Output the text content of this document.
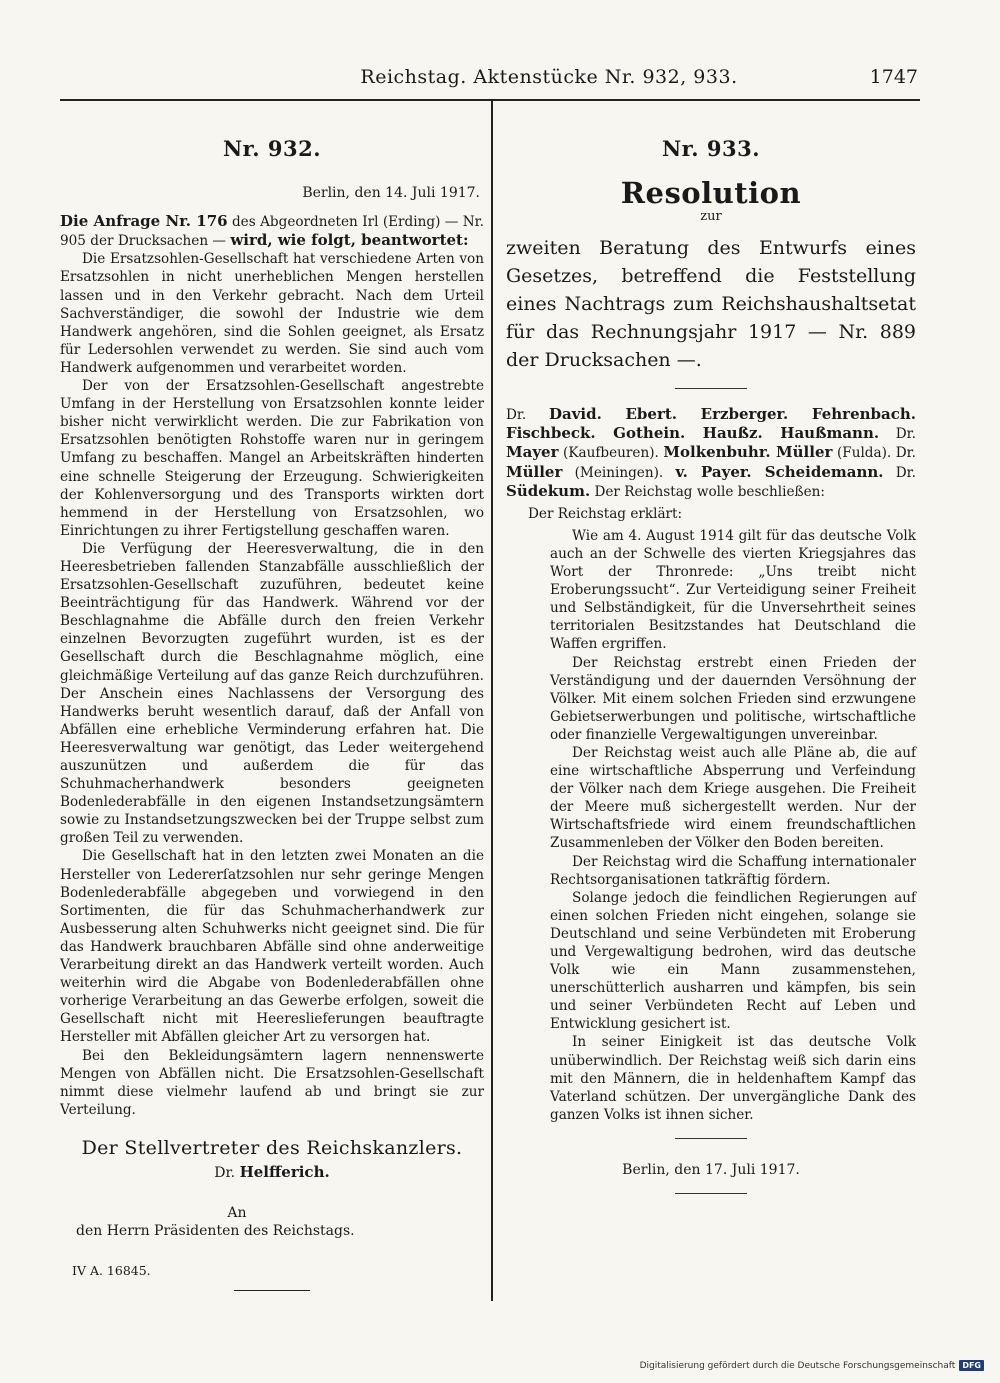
Reichstag. Aktenstücke Nr. 932, 933.	1747
Nr. 932.
Berlin, den 14. Juli 1917.

Die Anfrage Nr. 176 des Abgeordneten Irl (Erding) — Nr. 905 der Drucksachen — wird, wie folgt, beantwortet:

Die Ersatzsohlen-Gesellschaft hat verschiedene Arten von Ersatzsohlen in nicht unerheblichen Mengen herstellen lassen und in den Verkehr gebracht. Nach dem Urteil Sachverständiger, die sowohl der Industrie wie dem Handwerk angehören, sind die Sohlen geeignet, als Ersatz für Ledersohlen verwendet zu werden. Sie sind auch vom Handwerk aufgenommen und verarbeitet worden.

Der von der Ersatzsohlen-Gesellschaft angestrebte Umfang in der Herstellung von Ersatzsohlen konnte leider bisher nicht verwirklicht werden. Die zur Fabrikation von Ersatzsohlen benötigten Rohstoffe waren nur in geringem Umfang zu beschaffen. Mangel an Arbeitskräften hinderten eine schnelle Steigerung der Erzeugung. Schwierigkeiten der Kohlenversorgung und des Transports wirkten dort hemmend in der Herstellung von Ersatzsohlen, wo Einrichtungen zu ihrer Fertigstellung geschaffen waren.

Die Verfügung der Heeresverwaltung, die in den Heeresbetrieben fallenden Stanzabfälle ausschließlich der Ersatzsohlen-Gesellschaft zuzuführen, bedeutet keine Beeinträchtigung für das Handwerk. Während vor der Beschlagnahme die Abfälle durch den freien Verkehr einzelnen Bevorzugten zugeführt wurden, ist es der Gesellschaft durch die Beschlagnahme möglich, eine gleichmäßige Verteilung auf das ganze Reich durchzuführen. Der Anschein eines Nachlassens der Versorgung des Handwerks beruht wesentlich darauf, daß der Anfall von Abfällen eine erhebliche Verminderung erfahren hat. Die Heeresverwaltung war genötigt, das Leder weitergehend auszunützen und außerdem die für das Schuhmacherhandwerk besonders geeigneten Bodenlederabfälle in den eigenen Instandsetzungsämtern sowie zu Instandsetzungszwecken bei der Truppe selbst zum großen Teil zu verwenden.

Die Gesellschaft hat in den letzten zwei Monaten an die Hersteller von Ledererſatzsohlen nur sehr geringe Mengen Bodenlederabfälle abgegeben und vorwiegend in den Sortimenten, die für das Schuhmacherhandwerk zur Ausbesserung alten Schuhwerks nicht geeignet sind. Die für das Handwerk brauchbaren Abfälle sind ohne anderweitige Verarbeitung direkt an das Handwerk verteilt worden. Auch weiterhin wird die Abgabe von Bodenlederabfällen ohne vorherige Verarbeitung an das Gewerbe erfolgen, soweit die Gesellschaft nicht mit Heereslieferungen beauftragte Hersteller mit Abfällen gleicher Art zu versorgen hat.

Bei den Bekleidungsämtern lagern nennenswerte Mengen von Abfällen nicht. Die Ersatzsohlen-Gesellschaft nimmt diese vielmehr laufend ab und bringt sie zur Verteilung.

Der Stellvertreter des Reichskanzlers.
Dr. Helfferich.
An
den Herrn Präsidenten des Reichstags.
IV A. 16845.
Nr. 933.
Resolution
zur
zweiten Beratung des Entwurfs eines Gesetzes, betreffend die Feststellung eines Nachtrags zum Reichshaushaltsetat für das Rechnungsjahr 1917 — Nr. 889 der Drucksachen —.

Dr. David. Ebert. Erzberger. Fehrenbach. Fischbeck. Gothein. Haußz. Haußmann. Dr. Mayer (Kaufbeuren). Molkenbuhr. Müller (Fulda). Dr. Müller (Meiningen). v. Payer. Scheidemann. Dr. Südekum. Der Reichstag wolle beschließen:

Der Reichstag erklärt:

Wie am 4. August 1914 gilt für das deutsche Volk auch an der Schwelle des vierten Kriegsjahres das Wort der Thronrede: „Uns treibt nicht Eroberungssucht“. Zur Verteidigung seiner Freiheit und Selbständigkeit, für die Unversehrtheit seines territorialen Besitzstandes hat Deutschland die Waffen ergriffen.

Der Reichstag erstrebt einen Frieden der Verständigung und der dauernden Versöhnung der Völker. Mit einem solchen Frieden sind erzwungene Gebietserwerbungen und politische, wirtschaftliche oder finanzielle Vergewaltigungen unvereinbar.

Der Reichstag weist auch alle Pläne ab, die auf eine wirtschaftliche Absperrung und Verfeindung der Völker nach dem Kriege ausgehen. Die Freiheit der Meere muß sichergestellt werden. Nur der Wirtschaftsfriede wird einem freundschaftlichen Zusammenleben der Völker den Boden bereiten.

Der Reichstag wird die Schaffung internationaler Rechtsorganisationen tatkräftig fördern.

Solange jedoch die feindlichen Regierungen auf einen solchen Frieden nicht eingehen, solange sie Deutschland und seine Verbündeten mit Eroberung und Vergewaltigung bedrohen, wird das deutsche Volk wie ein Mann zusammenstehen, unerschütterlich ausharren und kämpfen, bis sein und seiner Verbündeten Recht auf Leben und Entwicklung gesichert ist.

In seiner Einigkeit ist das deutsche Volk unüberwindlich. Der Reichstag weiß sich darin eins mit den Männern, die in heldenhaftem Kampf das Vaterland schützen. Der unvergängliche Dank des ganzen Volks ist ihnen sicher.

Berlin, den 17. Juli 1917.
Digitalisierung gefördert durch die Deutsche Forschungsgemeinschaft DFG
